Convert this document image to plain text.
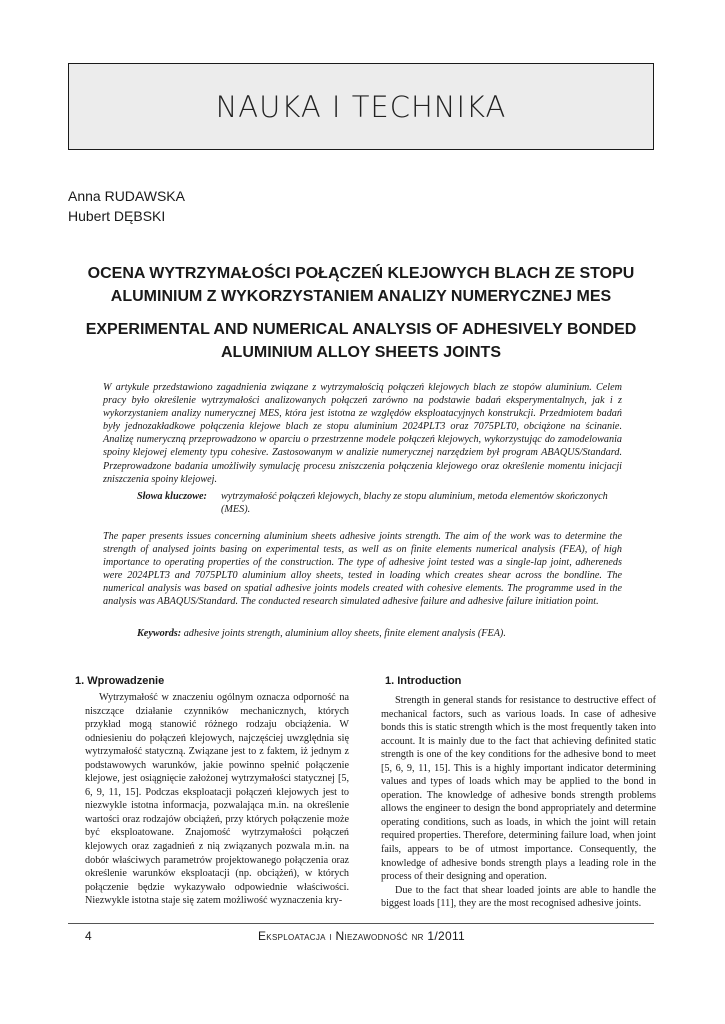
NAUKA I TECHNIKA
Anna RUDAWSKA
Hubert DĘBSKI
OCENA WYTRZYMAŁOŚCI POŁĄCZEŃ KLEJOWYCH BLACH ZE STOPU ALUMINIUM Z WYKORZYSTANIEM ANALIZY NUMERYCZNEJ MES
EXPERIMENTAL AND NUMERICAL ANALYSIS OF ADHESIVELY BONDED ALUMINIUM ALLOY SHEETS JOINTS
W artykule przedstawiono zagadnienia związane z wytrzymałością połączeń klejowych blach ze stopów aluminium. Celem pracy było określenie wytrzymałości analizowanych połączeń zarówno na podstawie badań eksperymentalnych, jak i z wykorzystaniem analizy numerycznej MES, która jest istotna ze względów eksploatacyjnych konstrukcji. Przedmiotem badań były jednozakładkowe połączenia klejowe blach ze stopu aluminium 2024PLT3 oraz 7075PLT0, obciążone na ścinanie. Analizę numeryczną przeprowadzono w oparciu o przestrzenne modele połączeń klejowych, wykorzystując do zamodelowania spoiny klejowej elementy typu cohesive. Zastosowanym w analizie numerycznej narzędziem był program ABAQUS/Standard. Przeprowadzone badania umożliwiły symulację procesu zniszczenia połączenia klejowego oraz określenie momentu inicjacji zniszczenia spoiny klejowej.
Słowa kluczowe: wytrzymałość połączeń klejowych, blachy ze stopu aluminium, metoda elementów skończonych (MES).
The paper presents issues concerning aluminium sheets adhesive joints strength. The aim of the work was to determine the strength of analysed joints basing on experimental tests, as well as on finite elements numerical analysis (FEA), of high importance to operating properties of the construction. The type of adhesive joint tested was a single-lap joint, adhereneds were 2024PLT3 and 7075PLT0 aluminium alloy sheets, tested in loading which creates shear across the bondline. The numerical analysis was based on spatial adhesive joints models created with cohesive elements. The programme used in the analysis was ABAQUS/Standard. The conducted research simulated adhesive failure and adhesive failure initiation point.
Keywords: adhesive joints strength, aluminium alloy sheets, finite element analysis (FEA).
1. Wprowadzenie	1. Introduction

Wytrzymałość w znaczeniu ogólnym oznacza odporność na niszczące działanie czynników mechanicznych, których przykład mogą stanowić różnego rodzaju obciążenia. W odniesieniu do połączeń klejowych, najczęściej uwzględnia się wytrzymałość statyczną. Związane jest to z faktem, iż jednym z podstawowych warunków, jakie powinno spełnić połączenie klejowe, jest osiągnięcie założonej wytrzymałości statycznej [5, 6, 9, 11, 15]. Podczas eksploatacji połączeń klejowych jest to niezwykle istotna informacja, pozwalająca m.in. na określenie wartości oraz rodzajów obciążeń, przy których połączenie może być eksploatowane. Znajomość wytrzymałości połączeń klejowych oraz zagadnień z nią związanych pozwala m.in. na dobór właściwych parametrów projektowanego połączenia oraz określenie warunków eksploatacji (np. obciążeń), w których połączenie będzie wykazywało odpowiednie właściwości. Niezwykle istotna staje się zatem możliwość wyznaczenia kry-

Strength in general stands for resistance to destructive effect of mechanical factors, such as various loads. In case of adhesive bonds this is static strength which is the most frequently taken into account. It is mainly due to the fact that achieving definited static strength is one of the key conditions for the adhesive bond to meet [5, 6, 9, 11, 15]. This is a highly important indicator determining values and types of loads which may be applied to the bond in operation. The knowledge of adhesive bonds strength problems allows the engineer to design the bond appropriately and determine operating conditions, such as loads, in which the joint will retain required properties. Therefore, determining failure load, when joint fails, appears to be of utmost importance. Consequently, the knowledge of adhesive bonds strength plays a leading role in the process of their designing and operation.

Due to the fact that shear loaded joints are able to handle the biggest loads [11], they are the most recognised adhesive joints.

4	Eksploatacja i Niezawodność nr 1/2011
